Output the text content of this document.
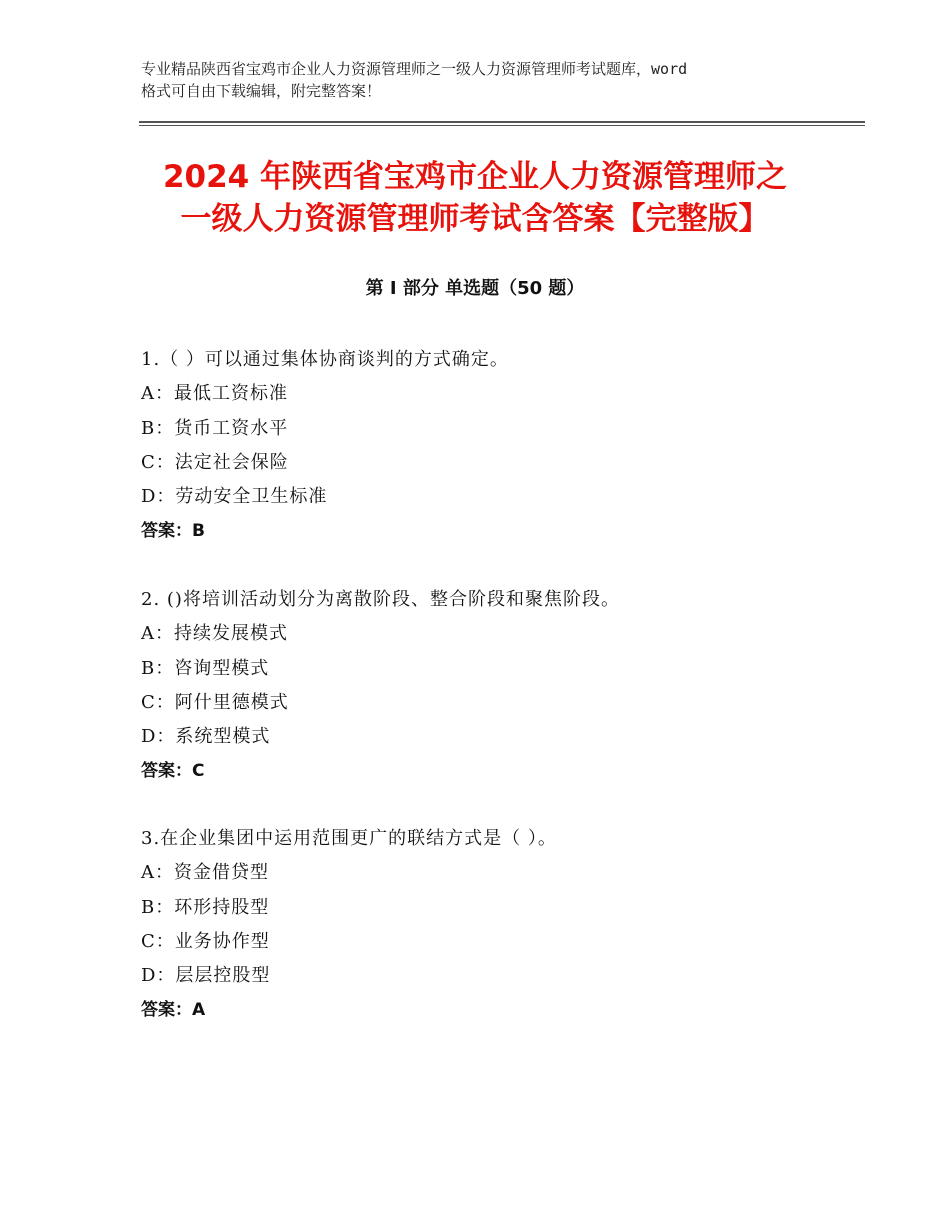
专业精品陕西省宝鸡市企业人力资源管理师之一级人力资源管理师考试题库，word
格式可自由下载编辑，附完整答案！
2024 年陕西省宝鸡市企业人力资源管理师之
一级人力资源管理师考试含答案【完整版】
第 I 部分 单选题（50 题）
1.（ ）可以通过集体协商谈判的方式确定。
A：最低工资标准
B：货币工资水平
C：法定社会保险
D：劳动安全卫生标准
答案：B
2. ()将培训活动划分为离散阶段、整合阶段和聚焦阶段。
A：持续发展模式
B：咨询型模式
C：阿什里德模式
D：系统型模式
答案：C
3.在企业集团中运用范围更广的联结方式是（ ）。
A：资金借贷型
B：环形持股型
C：业务协作型
D：层层控股型
答案：A
